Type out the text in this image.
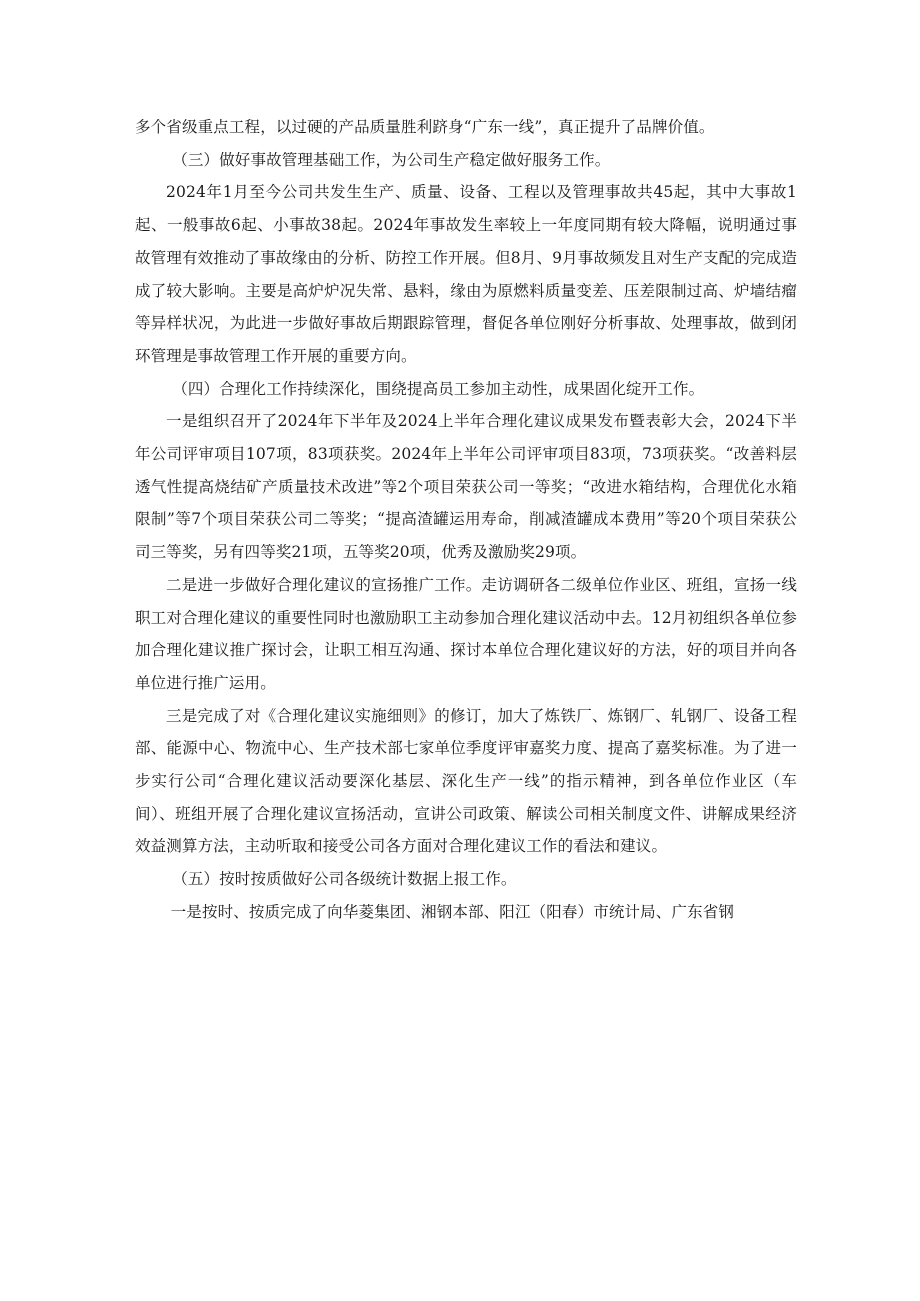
多个省级重点工程，以过硬的产品质量胜利跻身“广东一线”，真正提升了品牌价值。

（三）做好事故管理基础工作，为公司生产稳定做好服务工作。

2024年1月至今公司共发生生产、质量、设备、工程以及管理事故共45起，其中大事故1起、一般事故6起、小事故38起。2024年事故发生率较上一年度同期有较大降幅，说明通过事故管理有效推动了事故缘由的分析、防控工作开展。但8月、9月事故频发且对生产支配的完成造成了较大影响。主要是高炉炉况失常、悬料，缘由为原燃料质量变差、压差限制过高、炉墙结瘤等异样状况，为此进一步做好事故后期跟踪管理，督促各单位刚好分析事故、处理事故，做到闭环管理是事故管理工作开展的重要方向。

（四）合理化工作持续深化，围绕提高员工参加主动性，成果固化绽开工作。

一是组织召开了2024年下半年及2024上半年合理化建议成果发布暨表彰大会，2024下半年公司评审项目107项，83项获奖。2024年上半年公司评审项目83项，73项获奖。“改善料层透气性提高烧结矿产质量技术改进”等2个项目荣获公司一等奖；“改进水箱结构，合理优化水箱限制”等7个项目荣获公司二等奖；“提高渣罐运用寿命，削减渣罐成本费用”等20个项目荣获公司三等奖，另有四等奖21项，五等奖20项，优秀及激励奖29项。

二是进一步做好合理化建议的宣扬推广工作。走访调研各二级单位作业区、班组，宣扬一线职工对合理化建议的重要性同时也激励职工主动参加合理化建议活动中去。12月初组织各单位参加合理化建议推广探讨会，让职工相互沟通、探讨本单位合理化建议好的方法，好的项目并向各单位进行推广运用。

三是完成了对《合理化建议实施细则》的修订，加大了炼铁厂、炼钢厂、轧钢厂、设备工程部、能源中心、物流中心、生产技术部七家单位季度评审嘉奖力度、提高了嘉奖标准。为了进一步实行公司“合理化建议活动要深化基层、深化生产一线”的指示精神，到各单位作业区（车间）、班组开展了合理化建议宣扬活动，宣讲公司政策、解读公司相关制度文件、讲解成果经济效益测算方法，主动听取和接受公司各方面对合理化建议工作的看法和建议。

（五）按时按质做好公司各级统计数据上报工作。

一是按时、按质完成了向华菱集团、湘钢本部、阳江（阳春）市统计局、广东省钢
